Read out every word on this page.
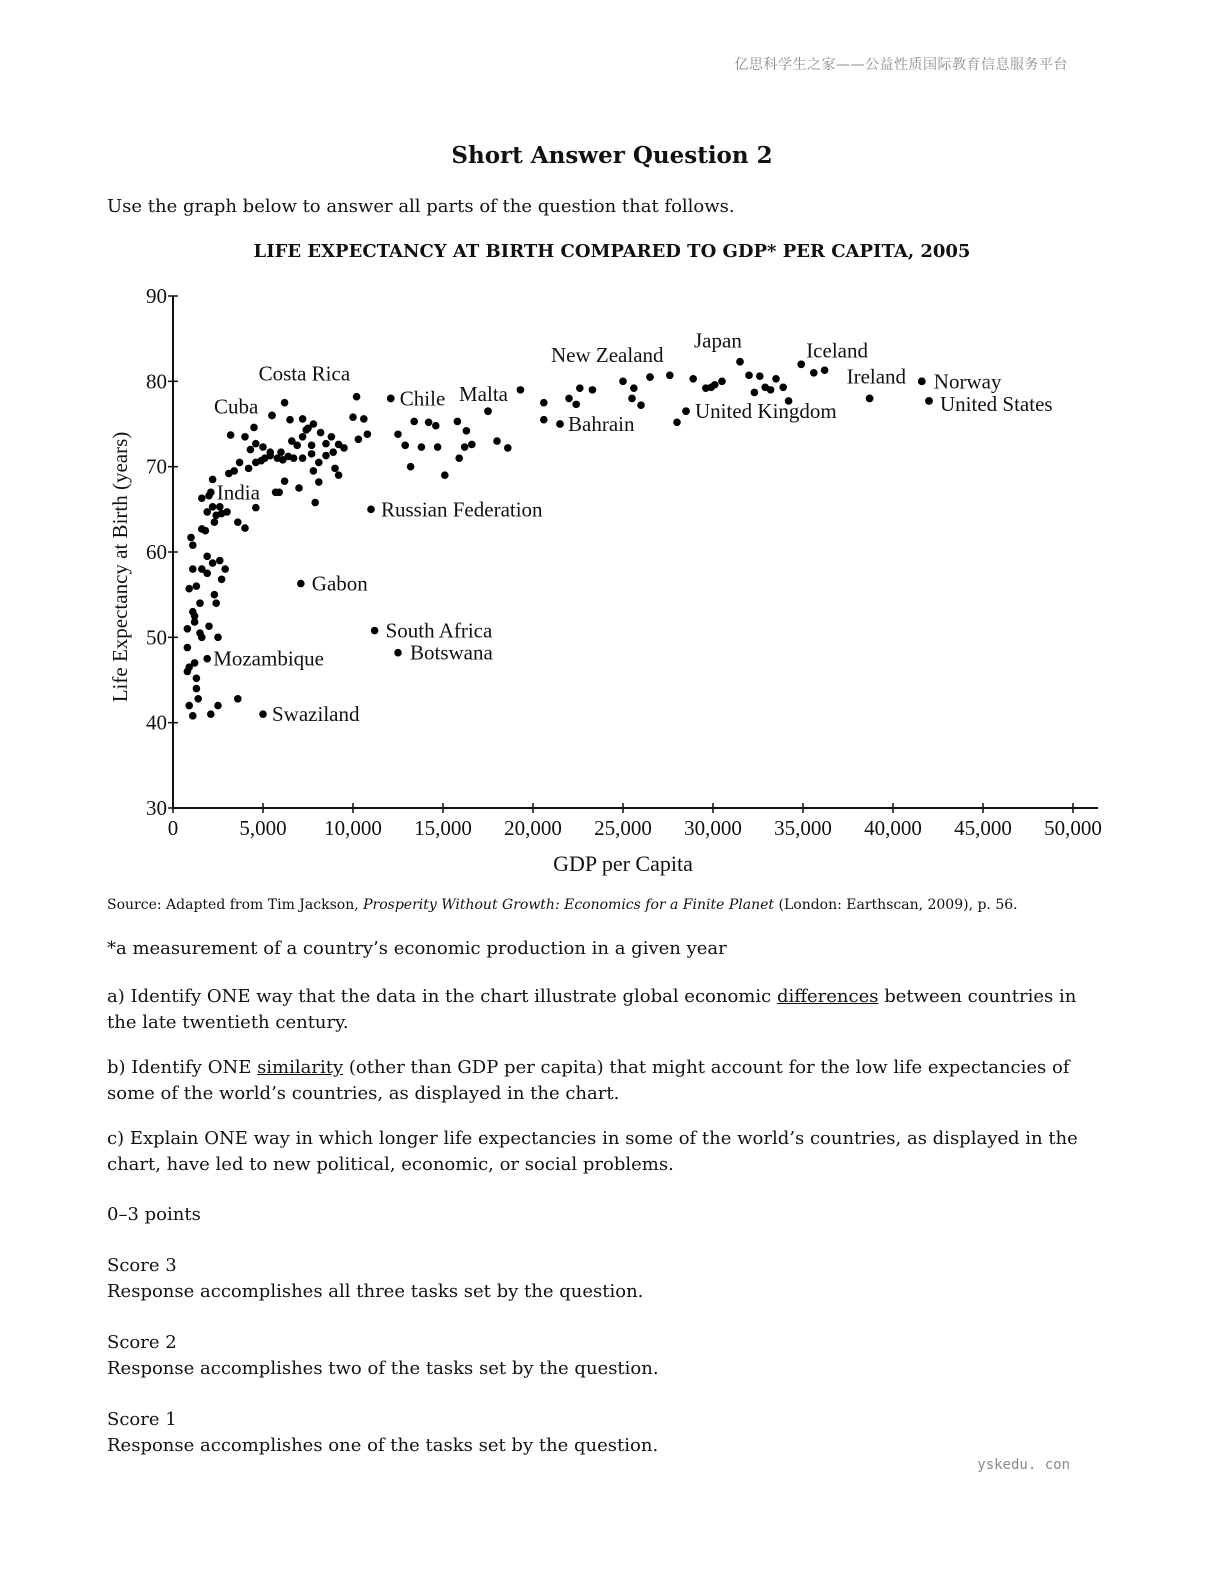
亿思科学生之家——公益性质国际教育信息服务平台
Short Answer Question 2
Use the graph below to answer all parts of the question that follows.
LIFE EXPECTANCY AT BIRTH COMPARED TO GDP* PER CAPITA, 2005
30
40
50
60
70
80
90
0	5,000 10,000 15,000 20,000 25,000 30,000 35,000 40,000 45,000 50,000
GDP per Capita
Life Expectancy at Birth (years)
Costa Rica
Cuba	Chile Malta
New Zealand
Bahrain
Japan
United Kingdom
Iceland
Ireland Norway
United States
India
Russian Federation
Gabon
South Africa
Botswana
Mozambique
Swaziland
Source: Adapted from Tim Jackson, Prosperity Without Growth: Economics for a Finite Planet (London: Earthscan, 2009), p. 56.
*a measurement of a country’s economic production in a given year
a) Identify ONE way that the data in the chart illustrate global economic differences between countries in the late twentieth century.
b) Identify ONE similarity (other than GDP per capita) that might account for the low life expectancies of some of the world’s countries, as displayed in the chart.
c) Explain ONE way in which longer life expectancies in some of the world’s countries, as displayed in the chart, have led to new political, economic, or social problems.
0–3 points
Score 3
Response accomplishes all three tasks set by the question.
Score 2
Response accomplishes two of the tasks set by the question.
Score 1
Response accomplishes one of the tasks set by the question.
yskedu. con
